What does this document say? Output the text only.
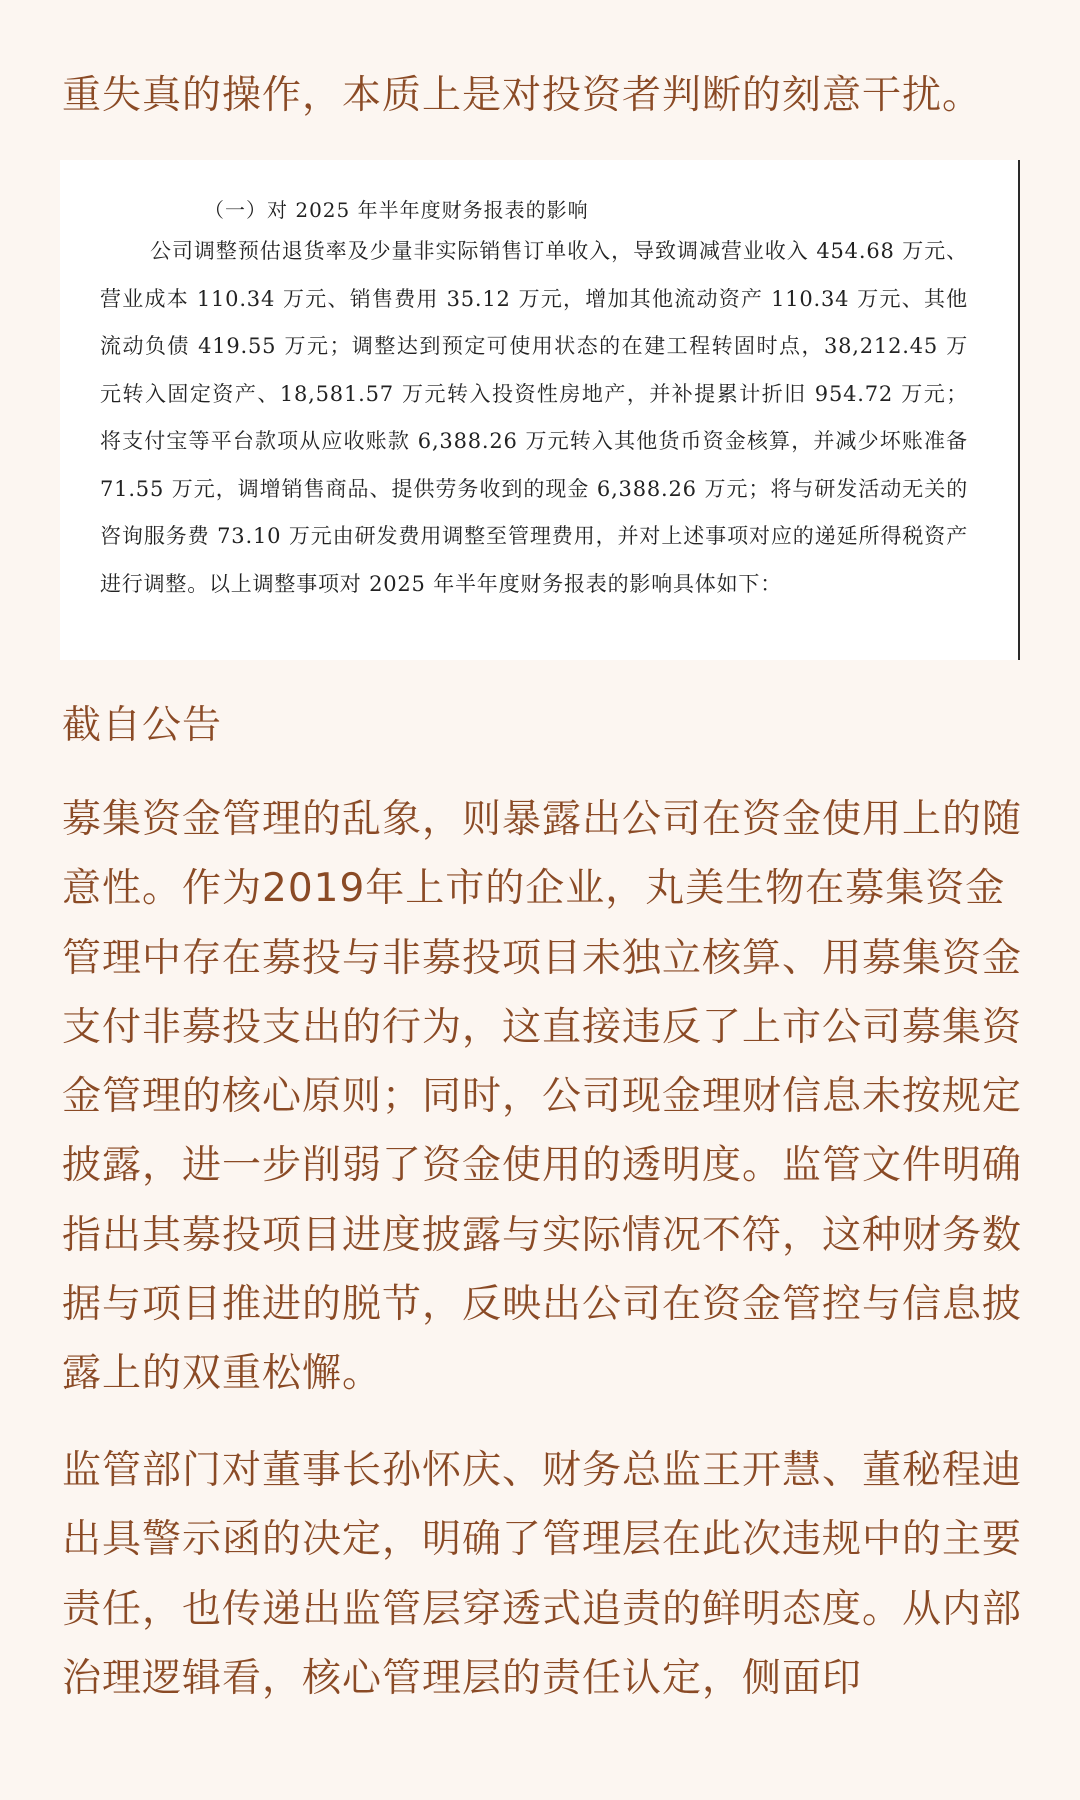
重失真的操作，本质上是对投资者判断的刻意干扰。

（一）对 2025 年半年度财务报表的影响

公司调整预估退货率及少量非实际销售订单收入，导致调减营业收入 454.68 万元、营业成本 110.34 万元、销售费用 35.12 万元，增加其他流动资产 110.34 万元、其他流动负债 419.55 万元；调整达到预定可使用状态的在建工程转固时点，38,212.45 万元转入固定资产、18,581.57 万元转入投资性房地产，并补提累计折旧 954.72 万元；将支付宝等平台款项从应收账款 6,388.26 万元转入其他货币资金核算，并减少坏账准备 71.55 万元，调增销售商品、提供劳务收到的现金 6,388.26 万元；将与研发活动无关的咨询服务费 73.10 万元由研发费用调整至管理费用，并对上述事项对应的递延所得税资产进行调整。以上调整事项对 2025 年半年度财务报表的影响具体如下：

截自公告

募集资金管理的乱象，则暴露出公司在资金使用上的随意性。作为2019年上市的企业，丸美生物在募集资金管理中存在募投与非募投项目未独立核算、用募集资金支付非募投支出的行为，这直接违反了上市公司募集资金管理的核心原则；同时，公司现金理财信息未按规定披露，进一步削弱了资金使用的透明度。监管文件明确指出其募投项目进度披露与实际情况不符，这种财务数据与项目推进的脱节，反映出公司在资金管控与信息披露上的双重松懈。

监管部门对董事长孙怀庆、财务总监王开慧、董秘程迪出具警示函的决定，明确了管理层在此次违规中的主要责任，也传递出监管层穿透式追责的鲜明态度。从内部治理逻辑看，核心管理层的责任认定，侧面印
